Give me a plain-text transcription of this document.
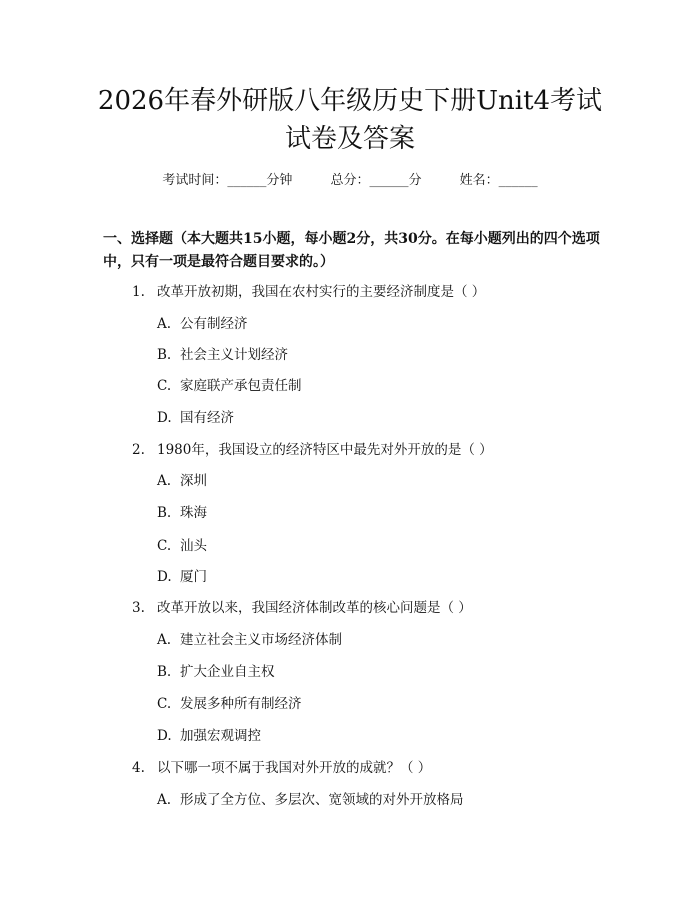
2026年春外研版八年级历史下册Unit4考试试卷及答案
考试时间：______分钟	总分：______分	姓名：______

一、选择题（本大题共15小题，每小题2分，共30分。在每小题列出的四个选项中，只有一项是最符合题目要求的。）

1. 改革开放初期，我国在农村实行的主要经济制度是（ ）
A. 公有制经济
B. 社会主义计划经济
C. 家庭联产承包责任制
D. 国有经济
2. 1980年，我国设立的经济特区中最先对外开放的是（ ）
A. 深圳
B. 珠海
C. 汕头
D. 厦门
3. 改革开放以来，我国经济体制改革的核心问题是（ ）
A. 建立社会主义市场经济体制
B. 扩大企业自主权
C. 发展多种所有制经济
D. 加强宏观调控
4. 以下哪一项不属于我国对外开放的成就？（ ）
A. 形成了全方位、多层次、宽领域的对外开放格局
